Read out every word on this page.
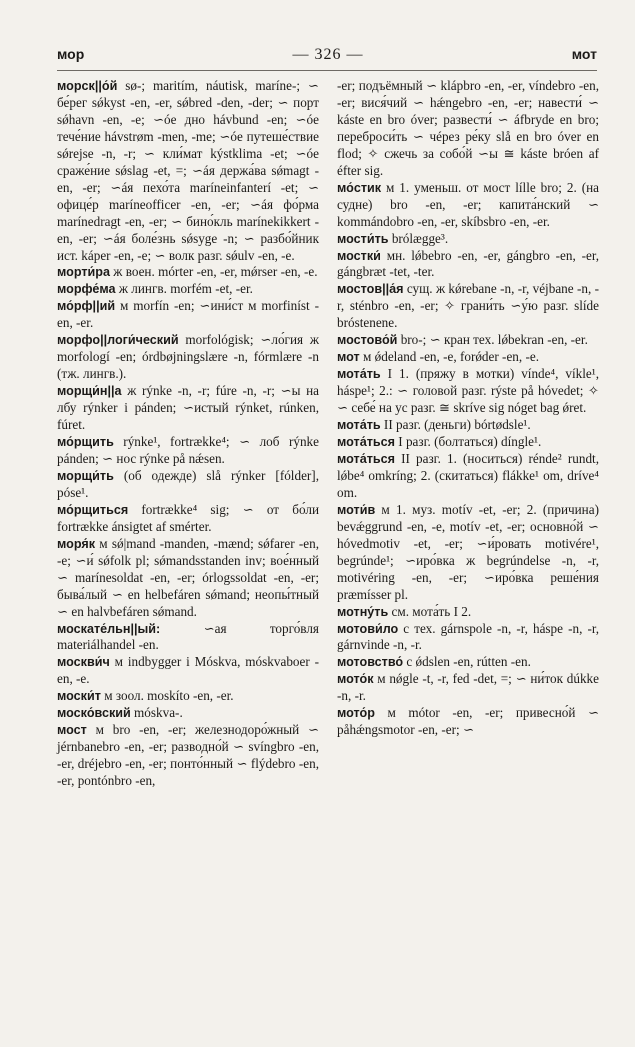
мор	— 326 —	мот

морск||о́й sø-; maritím, náutisk, maríne-; ∽ бе́рег sǿkyst -en, -er, sǿbred -den, -der; ∽ порт sǿhavn -en, -e; ∽óe дно hávbund -en; ∽óe тече́ние hávstrøm -men, -me; ∽óe путеше́ствие sǿrejse -n, -r; ∽ кли́мат kýstklima -et; ∽óe сраже́ние sǿslag -et, =; ∽áя держа́ва sǿmagt -en, -er; ∽áя пехо́та maríneinfanterí -et; ∽ офице́р maríneofficer -en, -er; ∽áя фо́рма marínedragt -en, -er; ∽ бино́кль marínekikkert -en, -er; ∽áя боле́знь sǿsyge -n; ∽ разбо́йник ист. káper -en, -e; ∽ волк разг. sǿulv -en, -e.

морти́ра ж воен. mórter -en, -er, mǿrser -en, -e.

морфе́ма ж лингв. morfém -et, -er.

мо́рф||ий м morfín -en; ∽ини́ст м morfiníst -en, -er.

морфо||логи́ческий morfológisk; ∽ло́гия ж morfologí -en; órdbøjningslære -n, fórmlære -n (тж. лингв.).

морщи́н||а ж rýnke -n, -r; fúre -n, -r; ∽ы на лбу rýnker i pánden; ∽истый rýnket, rúnken, fúret.

мо́рщить rýnke¹, fortrække⁴; ∽ лоб rýnke pánden; ∽ нос rýnke på nǽsen.

морщи́ть (об одежде) slå rýnker [fólder], póse¹.

мо́рщиться fortrække⁴ sig; ∽ от бо́ли fortrække ánsigtet af smérter.

моря́к м sǿ|mand -manden, -mænd; sǿfarer -en, -e; ∽и́ sǿfolk pl; sǿmandsstanden inv; вое́нный ∽ marínesoldat -en, -er; órlogssoldat -en, -er; быва́лый ∽ en helbefáren sǿmand; неопы́тный ∽ en halvbefáren sǿmand.

москате́льн||ый: ∽ая торго́вля materiálhandel -en.

москви́ч м indbygger i Móskva, móskvaboer -en, -e.

моски́т м зоол. moskíto -en, -er.

моско́вский móskva-.

мост м bro -en, -er; железнодоро́жный ∽ jérnbanebro -en, -er; разводно́й ∽ svíngbro -en, -er, dréjebro -en, -er; понто́нный ∽ flýdebro -en, -er, pontónbro -en,

-er; подъёмный ∽ klápbro -en, -er, víndebro -en, -er; вися́чий ∽ hǽngebro -en, -er; навести́ ∽ káste en bro óver; развести́ ∽ áfbryde en bro; переброси́ть ∽ чéрез ре́ку slå en bro óver en flod; ✧ сжечь за собо́й ∽ы ≅ káste bróen af éfter sig.

мо́стик м 1. уменьш. от мост lílle bro; 2. (на судне) bro -en, -er; капита́нский ∽ kommándobro -en, -er, skíbsbro -en, -er.

мости́ть brólægge³.

мостки́ мн. lǿbebro -en, -er, gángbro -en, -er, gángbræt -tet, -ter.

мостов||а́я сущ. ж kǿrebane -n, -r, véjbane -n, -r, sténbro -en, -er; ✧ грани́ть ∽у́ю разг. slíde bróstenene.

мостово́й bro-; ∽ кран тех. lǿbekran -en, -er.

мот м ǿdeland -en, -e, forǿder -en, -e.

мота́ть I 1. (пряжу в мотки) vínde⁴, víkle¹, háspe¹; 2.: ∽ головой разг. rýste på hóvedet; ✧ ∽ себе́ на ус разг. ≅ skríve sig nóget bag ǿret.

мота́ть II разг. (деньги) bórtødsle¹.

мота́ться I разг. (болтаться) díngle¹.

мота́ться II разг. 1. (носиться) rénde² rundt, lǿbe⁴ omkríng; 2. (скитаться) flákke¹ om, dríve⁴ om.

моти́в м 1. муз. motív -et, -er; 2. (причина) bevǽggrund -en, -e, motív -et, -er; основно́й ∽ hóvedmotiv -et, -er; ∽и́ровать motivére¹, begrúnde¹; ∽иро́вка ж begrúndelse -n, -r, motivéring -en, -er; ∽иро́вка реше́ния præmísser pl.

мотну́ть см. мота́ть I 2.

мотови́ло с тех. gárnspole -n, -r, háspe -n, -r, gárnvinde -n, -r.

мотовство́ с ǿdslen -en, rútten -en.

мото́к м nǿgle -t, -r, fed -det, =; ∽ ни́ток dúkke -n, -r.

мото́р м mótor -en, -er; привесно́й ∽ påhǽngsmotor -en, -er; ∽
